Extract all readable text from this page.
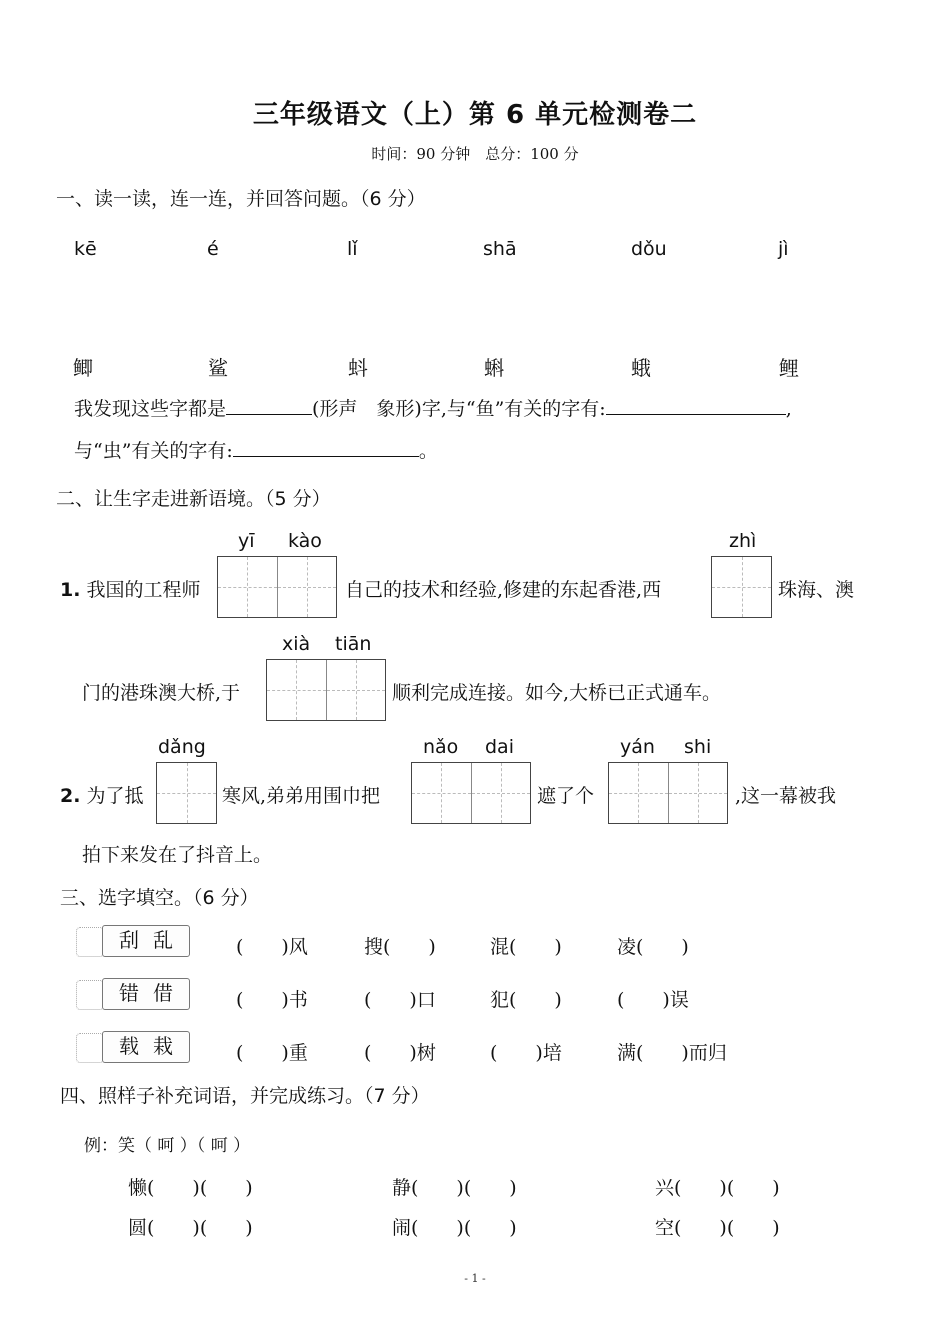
三年级语文（上）第 6 单元检测卷二
时间：90 分钟　总分：100 分
一、读一读，连一连，并回答问题。（6 分）
kē	é	lǐ	shā	dǒu	jì
鲫	鲨	蚪	蝌	蛾	鲤
我发现这些字都是	(形声　象形)字,与“鱼”有关的字有:	,
与“虫”有关的字有:	。
二、让生字走进新语境。（5 分）
yī kào	zhì
1. 我国的工程师	自己的技术和经验,修建的东起香港,西	珠海、澳
xià tiān
门的港珠澳大桥,于	顺利完成连接。如今,大桥已正式通车。
dǎng	nǎo dai	yán shi
2. 为了抵	寒风,弟弟用围巾把	遮了个	,这一幕被我
拍下来发在了抖音上。
三、选字填空。（6 分）
刮乱	(　　)风	搜(　　)	混(　　)	凌(　　)
错借	(　　)书	(　　)口	犯(　　)	(　　)误
载栽	(　　)重	(　　)树	(　　)培	满(　　)而归
四、照样子补充词语，并完成练习。（7 分）
例：笑（ 呵 ）（ 呵 ）
懒(　　)(　　)	静(　　)(　　)	兴(　　)(　　)
圆(　　)(　　)	闹(　　)(　　)	空(　　)(　　)
- 1 -
